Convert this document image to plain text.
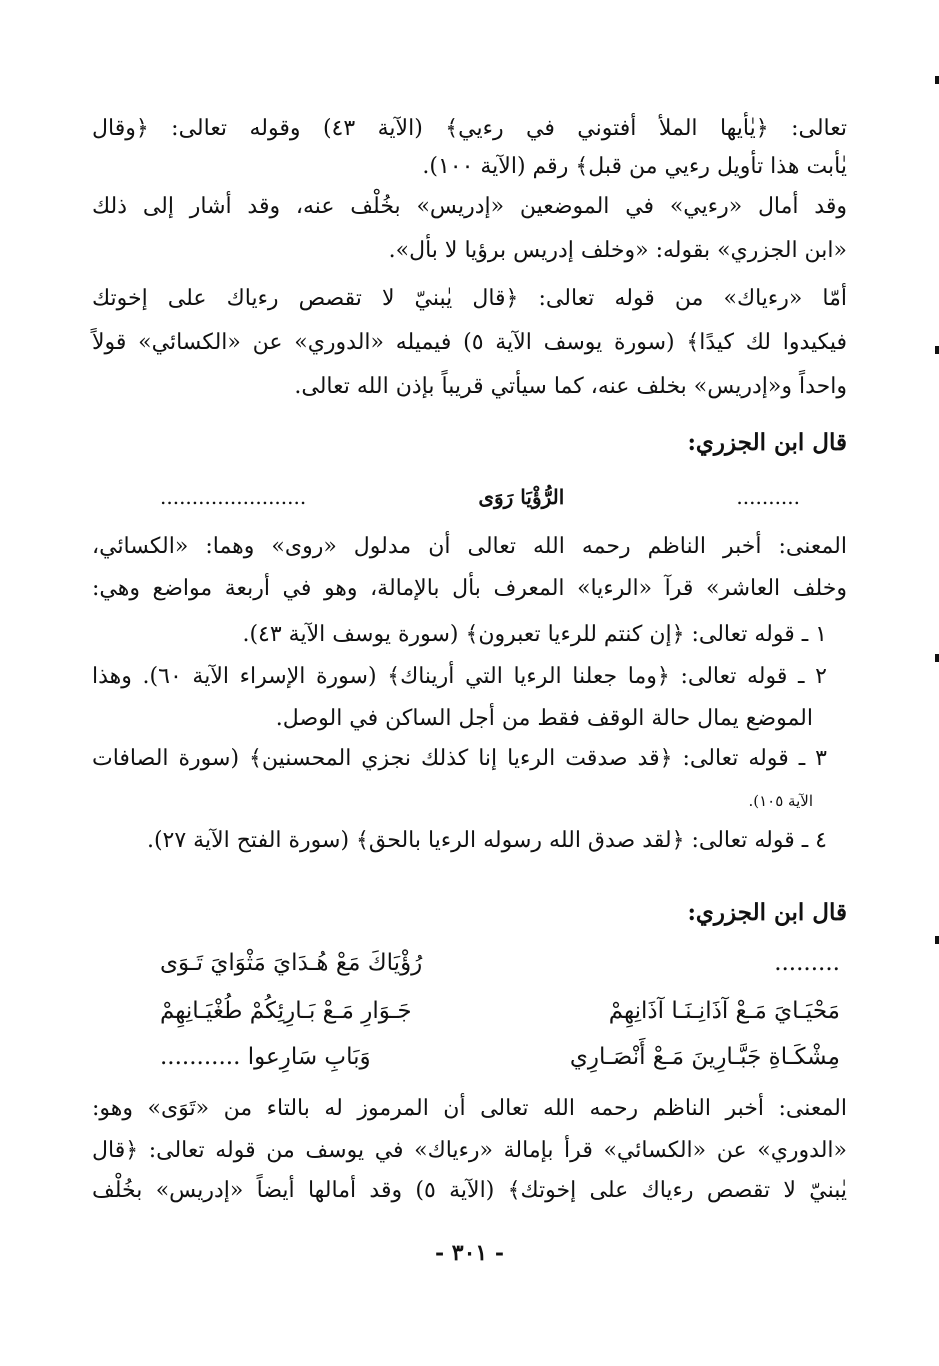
تعالى: ﴿يٰأيها الملأ أفتوني في رءيي﴾ (الآية ٤٣) وقوله تعالى: ﴿وقال
يٰأبت هذا تأويل رءيي من قبل﴾ رقم (الآية ١٠٠).
وقد أمال «رءيي» في الموضعين «إدريس» بخُلْف عنه، وقد أشار إلى ذلك
«ابن الجزري» بقوله: «وخلف إدريس برؤيا لا بأل».
أمّا «رءياك» من قوله تعالى: ﴿قال يٰبنيّ لا تقصص رءياك على إخوتك
فيكيدوا لك كيدًا﴾ (سورة يوسف الآية ٥) فيميله «الدوري» عن «الكسائي» قولاً
واحداً و«إدريس» بخلف عنه، كما سيأتي قريباً بإذن الله تعالى.
قال ابن الجزري:
..........
الرُّؤْيَا رَوَى
.......................
المعنى: أخبر الناظم رحمه الله تعالى أن مدلول «روى» وهما: «الكسائي،
وخلف العاشر» قرآ «الرءيا» المعرف بأل بالإمالة، وهو في أربعة مواضع وهي:
١ ـ قوله تعالى: ﴿إن كنتم للرءيا تعبرون﴾ (سورة يوسف الآية ٤٣).
٢ ـ قوله تعالى: ﴿وما جعلنا الرءيا التي أريناك﴾ (سورة الإسراء الآية ٦٠). وهذا
الموضع يمال حالة الوقف فقط من أجل الساكن في الوصل.
٣ ـ قوله تعالى: ﴿قد صدقت الرءيا إنا كذلك نجزي المحسنين﴾ (سورة الصافات
الآية ١٠٥).
٤ ـ قوله تعالى: ﴿لقد صدق الله رسوله الرءيا بالحق﴾ (سورة الفتح الآية ٢٧).
قال ابن الجزري:
.........
رُؤْيَاكَ مَعْ هُـدَايَ مَثْوَايَ تَـوَى
مَحْيَـايَ مَـعْ آذَانِـنَـا آذَانِهِمْ
جَـوَارِ مَـعْ بَـارِئِكُمْ طُغْيَـانِهِمْ
مِشْكَـاةِ جَبَّـارِينَ مَـعْ أَنْصَـارِي
وَبَابِ سَارِعوا ...........
المعنى: أخبر الناظم رحمه الله تعالى أن المرموز له بالتاء من «تَوَى» وهو:
«الدوري» عن «الكسائي» قرأ بإمالة «رءياك» في يوسف من قوله تعالى: ﴿قال
يٰبنيّ لا تقصص رءياك على إخوتك﴾ (الآية ٥) وقد أمالها أيضاً «إدريس» بخُلْف
- ٣٠١ -
